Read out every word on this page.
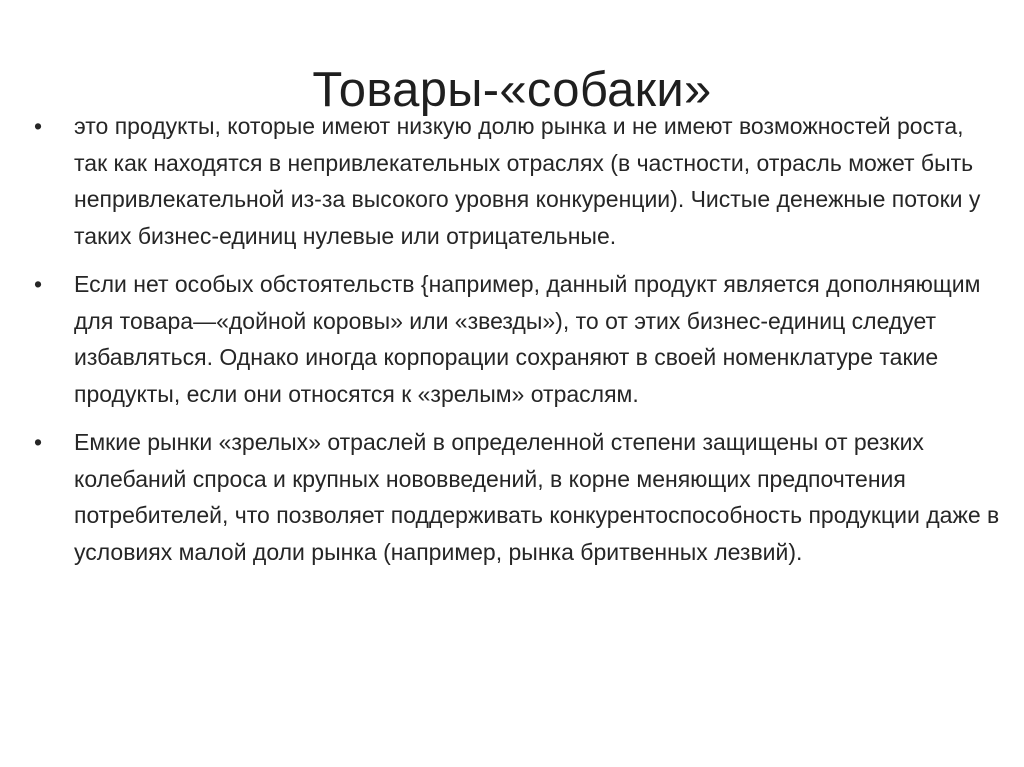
Товары-«собаки»
•	это продукты, которые имеют низкую долю рынка и не имеют возможностей роста, так как находятся в непривлекательных отраслях (в частности, отрасль может быть непривлекательной из-за высокого уровня конкуренции). Чистые денежные потоки у таких бизнес-единиц нулевые или отрицательные.
•	Если нет особых обстоятельств {например, данный продукт является дополняющим для товара—«дойной коровы» или «звезды»), то от этих бизнес-единиц следует избавляться. Однако иногда корпорации сохраняют в своей номенклатуре такие продукты, если они относятся к «зрелым» отраслям.
•	Емкие рынки «зрелых» отраслей в определенной степени защищены от резких колебаний спроса и крупных нововведений, в корне меняющих предпочтения потребителей, что позволяет поддерживать конкурентоспособность продукции даже в условиях малой доли рынка (например, рынка бритвенных лезвий).
